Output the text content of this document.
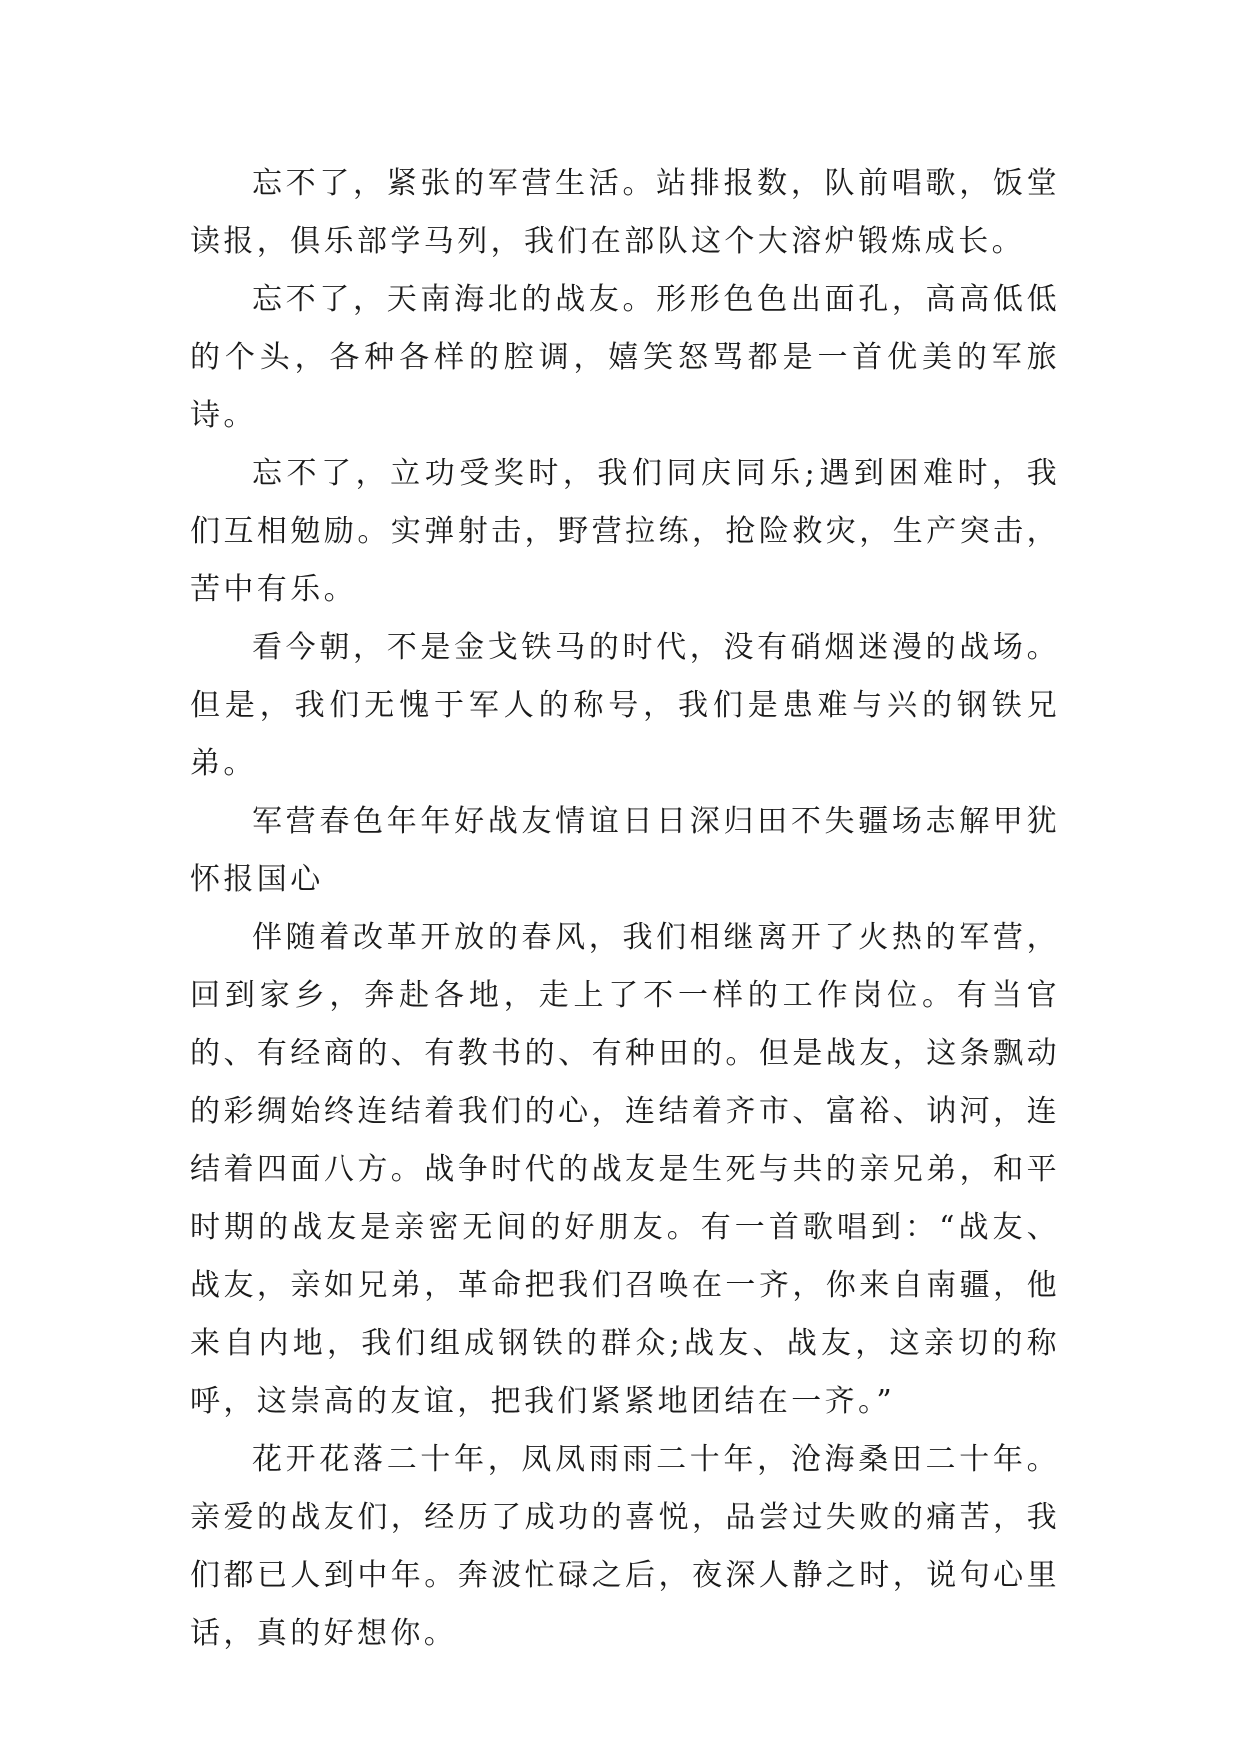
忘不了，紧张的军营生活。站排报数，队前唱歌，饭堂读报，俱乐部学马列，我们在部队这个大溶炉锻炼成长。

忘不了，天南海北的战友。形形色色出面孔，高高低低的个头，各种各样的腔调，嬉笑怒骂都是一首优美的军旅诗。

忘不了，立功受奖时，我们同庆同乐;遇到困难时，我们互相勉励。实弹射击，野营拉练，抢险救灾，生产突击，苦中有乐。

看今朝，不是金戈铁马的时代，没有硝烟迷漫的战场。但是，我们无愧于军人的称号，我们是患难与兴的钢铁兄弟。

军营春色年年好战友情谊日日深归田不失疆场志解甲犹怀报国心

伴随着改革开放的春风，我们相继离开了火热的军营，回到家乡，奔赴各地，走上了不一样的工作岗位。有当官的、有经商的、有教书的、有种田的。但是战友，这条飘动的彩绸始终连结着我们的心，连结着齐市、富裕、讷河，连结着四面八方。战争时代的战友是生死与共的亲兄弟，和平时期的战友是亲密无间的好朋友。有一首歌唱到：“战友、战友，亲如兄弟，革命把我们召唤在一齐，你来自南疆，他来自内地，我们组成钢铁的群众;战友、战友，这亲切的称呼，这崇高的友谊，把我们紧紧地团结在一齐。”

花开花落二十年，凤凤雨雨二十年，沧海桑田二十年。亲爱的战友们，经历了成功的喜悦，品尝过失败的痛苦，我们都已人到中年。奔波忙碌之后，夜深人静之时，说句心里话，真的好想你。
